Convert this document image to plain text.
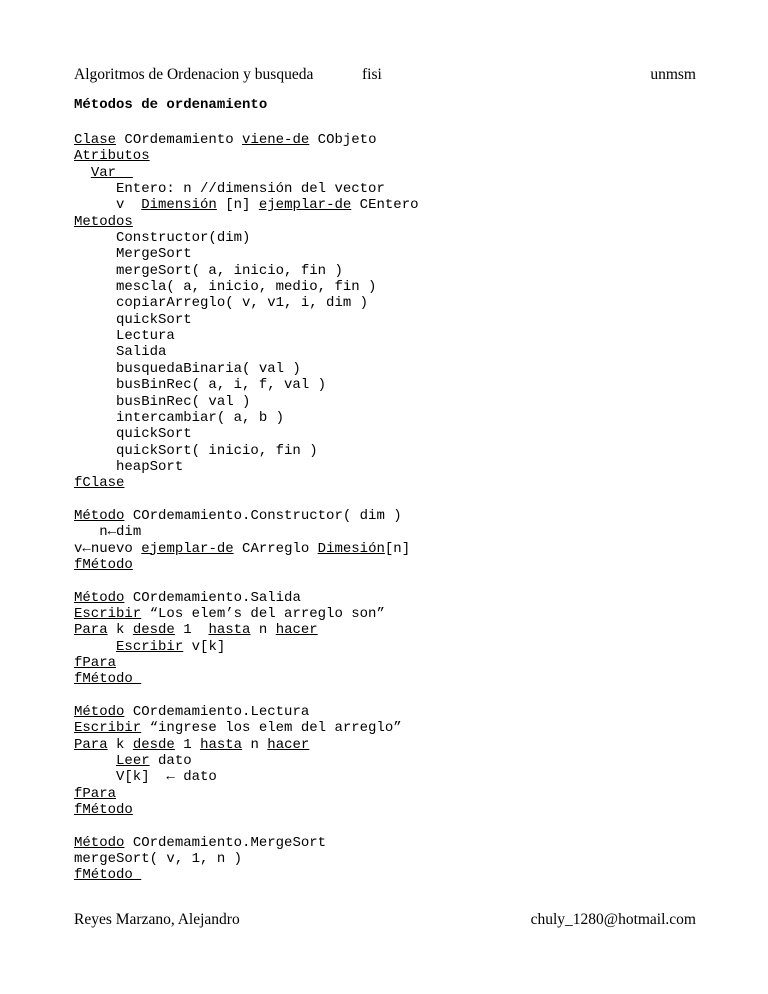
Algoritmos de Ordenacion y busqueda	fisi	unmsm
Métodos de ordenamiento
Clase COrdemamiento viene-de CObjeto
Atributos
Var
Entero: n //dimensión del vector
v  Dimensión [n] ejemplar-de CEntero
Metodos
Constructor(dim)
MergeSort
mergeSort( a, inicio, fin )
mescla( a, inicio, medio, fin )
copiarArreglo( v, v1, i, dim )
quickSort
Lectura
Salida
busquedaBinaria( val )
busBinRec( a, i, f, val )
busBinRec( val )
intercambiar( a, b )
quickSort
quickSort( inicio, fin )
heapSort
fClase
Método COrdemamiento.Constructor( dim )
n←dim
v←nuevo ejemplar-de CArreglo Dimesión[n]
fMétodo
Método COrdemamiento.Salida
Escribir “Los elem’s del arreglo son”
Para k desde 1  hasta n hacer
Escribir v[k]
fPara
fMétodo
Método COrdemamiento.Lectura
Escribir “ingrese los elem del arreglo”
Para k desde 1 hasta n hacer
Leer dato
V[k]  ← dato
fPara
fMétodo
Método COrdemamiento.MergeSort
mergeSort( v, 1, n )
fMétodo
Reyes Marzano, Alejandro	chuly_1280@hotmail.com
